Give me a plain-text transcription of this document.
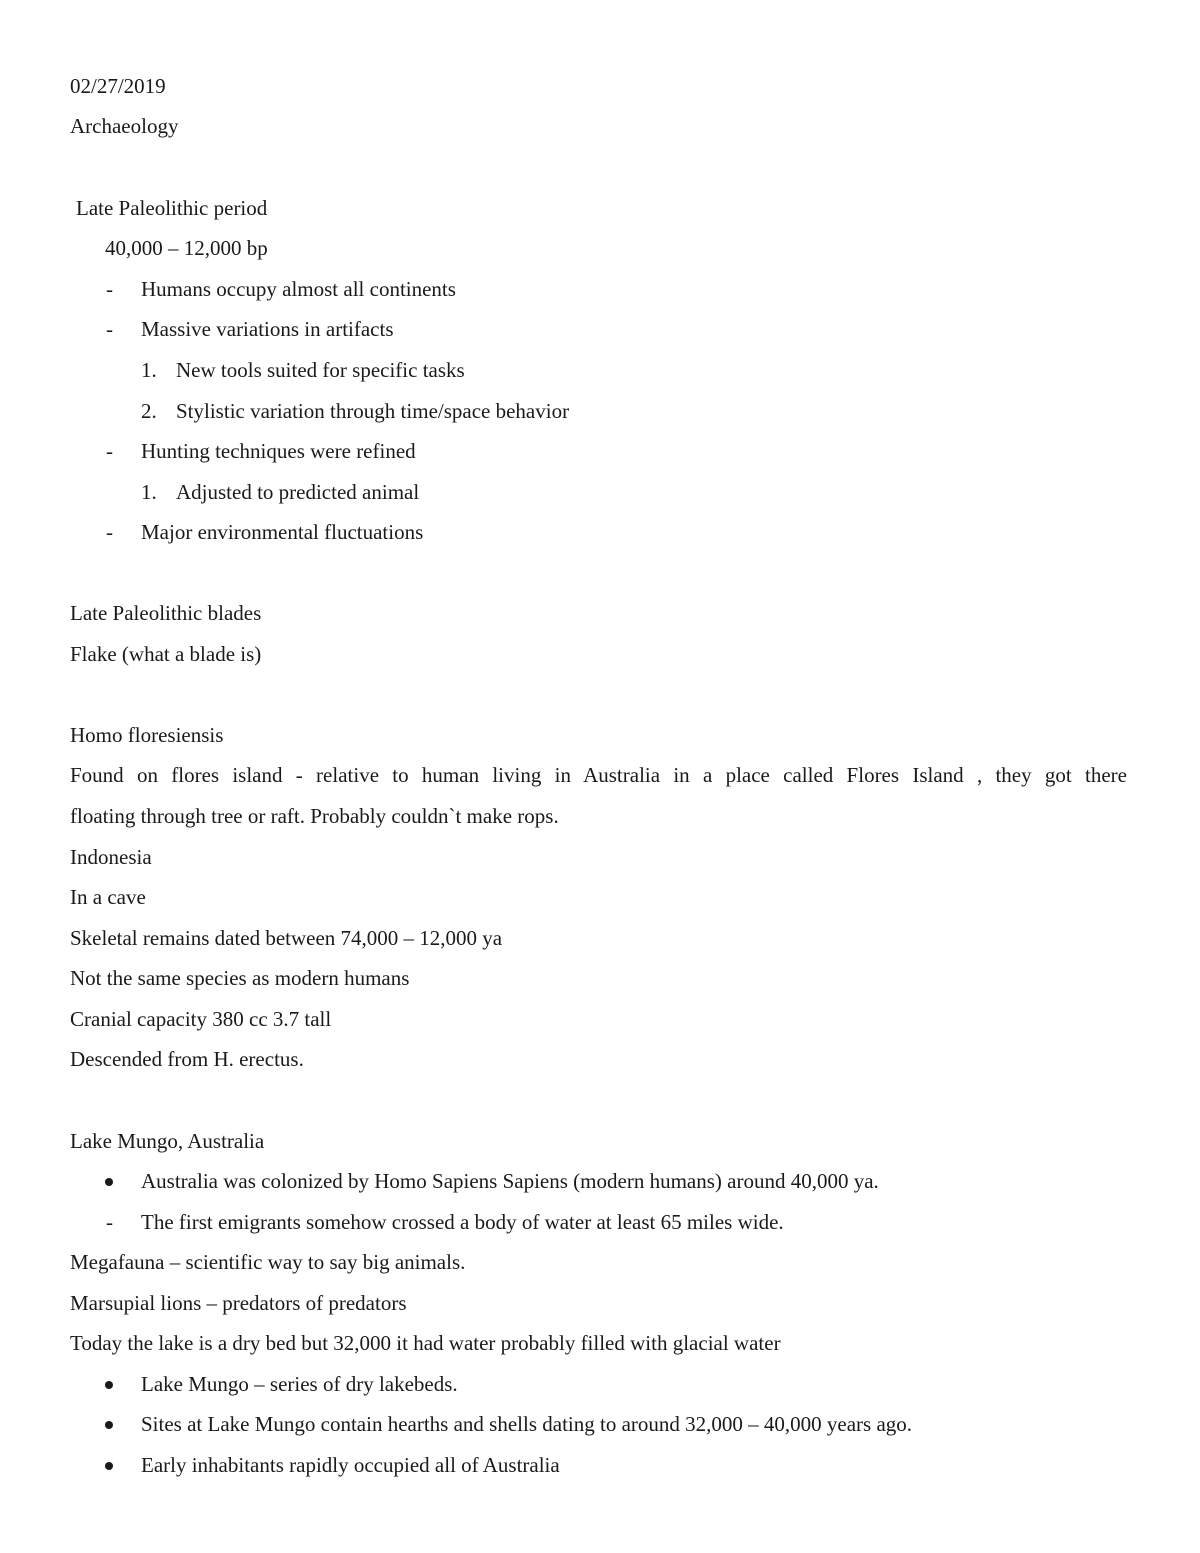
02/27/2019
Archaeology
Late Paleolithic period
40,000 – 12,000 bp
- Humans occupy almost all continents
- Massive variations in artifacts
1. New tools suited for specific tasks
2. Stylistic variation through time/space behavior
- Hunting techniques were refined
1. Adjusted to predicted animal
- Major environmental fluctuations
Late Paleolithic blades
Flake (what a blade is)
Homo floresiensis
Found on flores island - relative to human living in Australia in a place called Flores Island , they got there
floating through tree or raft. Probably couldn`t make rops.
Indonesia
In a cave
Skeletal remains dated between 74,000 – 12,000 ya
Not the same species as modern humans
Cranial capacity 380 cc 3.7 tall
Descended from H. erectus.
Lake Mungo, Australia
Australia was colonized by Homo Sapiens Sapiens (modern humans) around 40,000 ya.
- The first emigrants somehow crossed a body of water at least 65 miles wide.
Megafauna – scientific way to say big animals.
Marsupial lions – predators of predators
Today the lake is a dry bed but 32,000 it had water probably filled with glacial water
Lake Mungo – series of dry lakebeds.
Sites at Lake Mungo contain hearths and shells dating to around 32,000 – 40,000 years ago.
Early inhabitants rapidly occupied all of Australia
